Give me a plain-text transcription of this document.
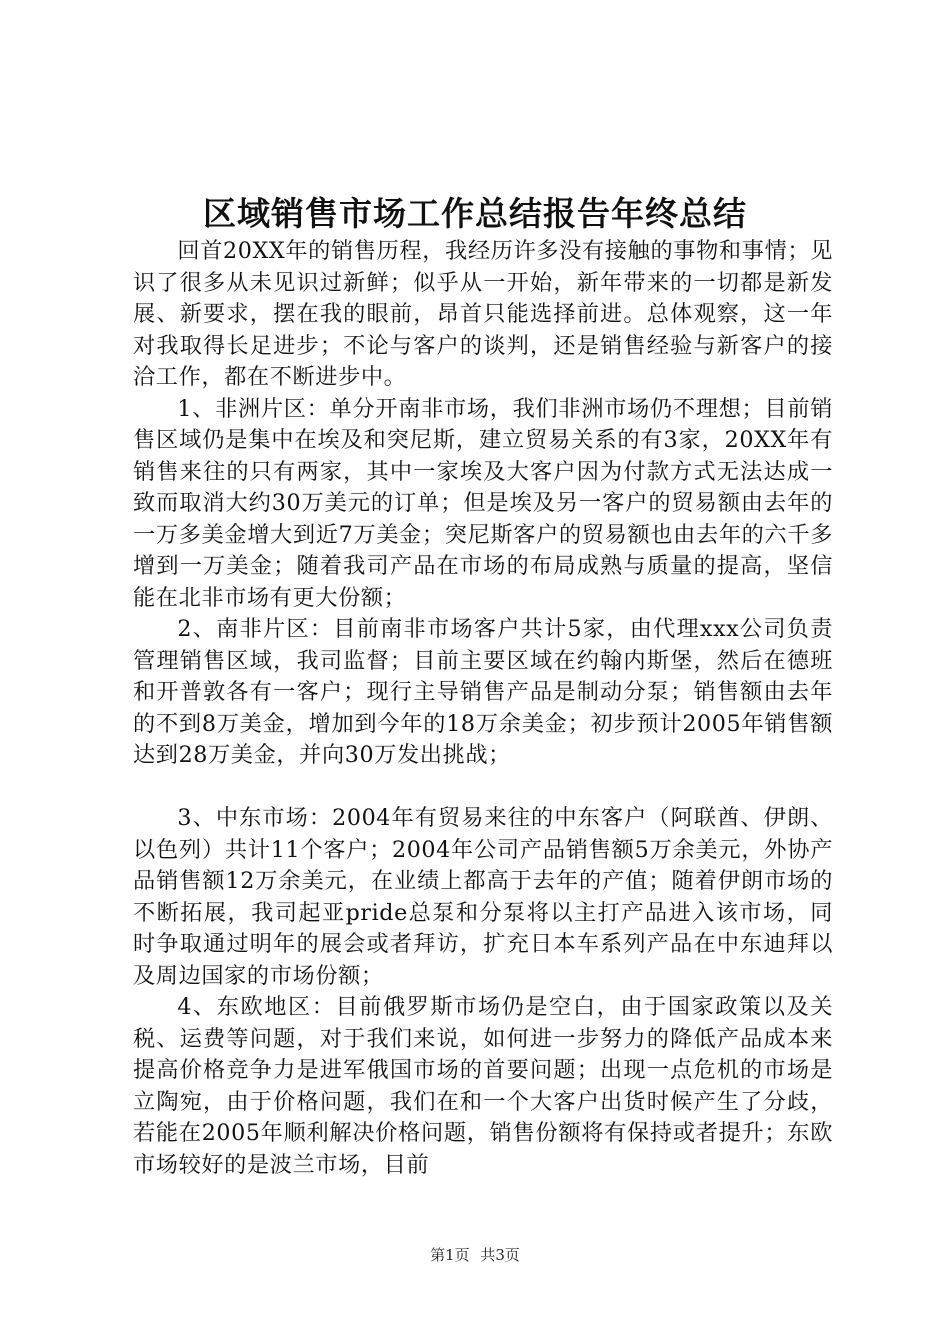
区域销售市场工作总结报告年终总结

回首20XX年的销售历程，我经历许多没有接触的事物和事情；见识了很多从未见识过新鲜；似乎从一开始，新年带来的一切都是新发展、新要求，摆在我的眼前，昂首只能选择前进。总体观察，这一年对我取得长足进步；不论与客户的谈判，还是销售经验与新客户的接洽工作，都在不断进步中。

1、非洲片区：单分开南非市场，我们非洲市场仍不理想；目前销售区域仍是集中在埃及和突尼斯，建立贸易关系的有3家，20XX年有销售来往的只有两家，其中一家埃及大客户因为付款方式无法达成一致而取消大约30万美元的订单；但是埃及另一客户的贸易额由去年的一万多美金增大到近7万美金；突尼斯客户的贸易额也由去年的六千多增到一万美金；随着我司产品在市场的布局成熟与质量的提高，坚信能在北非市场有更大份额；

2、南非片区：目前南非市场客户共计5家，由代理xxx公司负责管理销售区域，我司监督；目前主要区域在约翰内斯堡，然后在德班和开普敦各有一客户；现行主导销售产品是制动分泵；销售额由去年的不到8万美金，增加到今年的18万余美金；初步预计2005年销售额达到28万美金，并向30万发出挑战；

3、中东市场：2004年有贸易来往的中东客户（阿联酋、伊朗、以色列）共计11个客户；2004年公司产品销售额5万余美元，外协产品销售额12万余美元，在业绩上都高于去年的产值；随着伊朗市场的不断拓展，我司起亚pride总泵和分泵将以主打产品进入该市场，同时争取通过明年的展会或者拜访，扩充日本车系列产品在中东迪拜以及周边国家的市场份额；

4、东欧地区：目前俄罗斯市场仍是空白，由于国家政策以及关税、运费等问题，对于我们来说，如何进一步努力的降低产品成本来提高价格竞争力是进军俄国市场的首要问题；出现一点危机的市场是立陶宛，由于价格问题，我们在和一个大客户出货时候产生了分歧，若能在2005年顺利解决价格问题，销售份额将有保持或者提升；东欧市场较好的是波兰市场，目前

第1页 共3页
